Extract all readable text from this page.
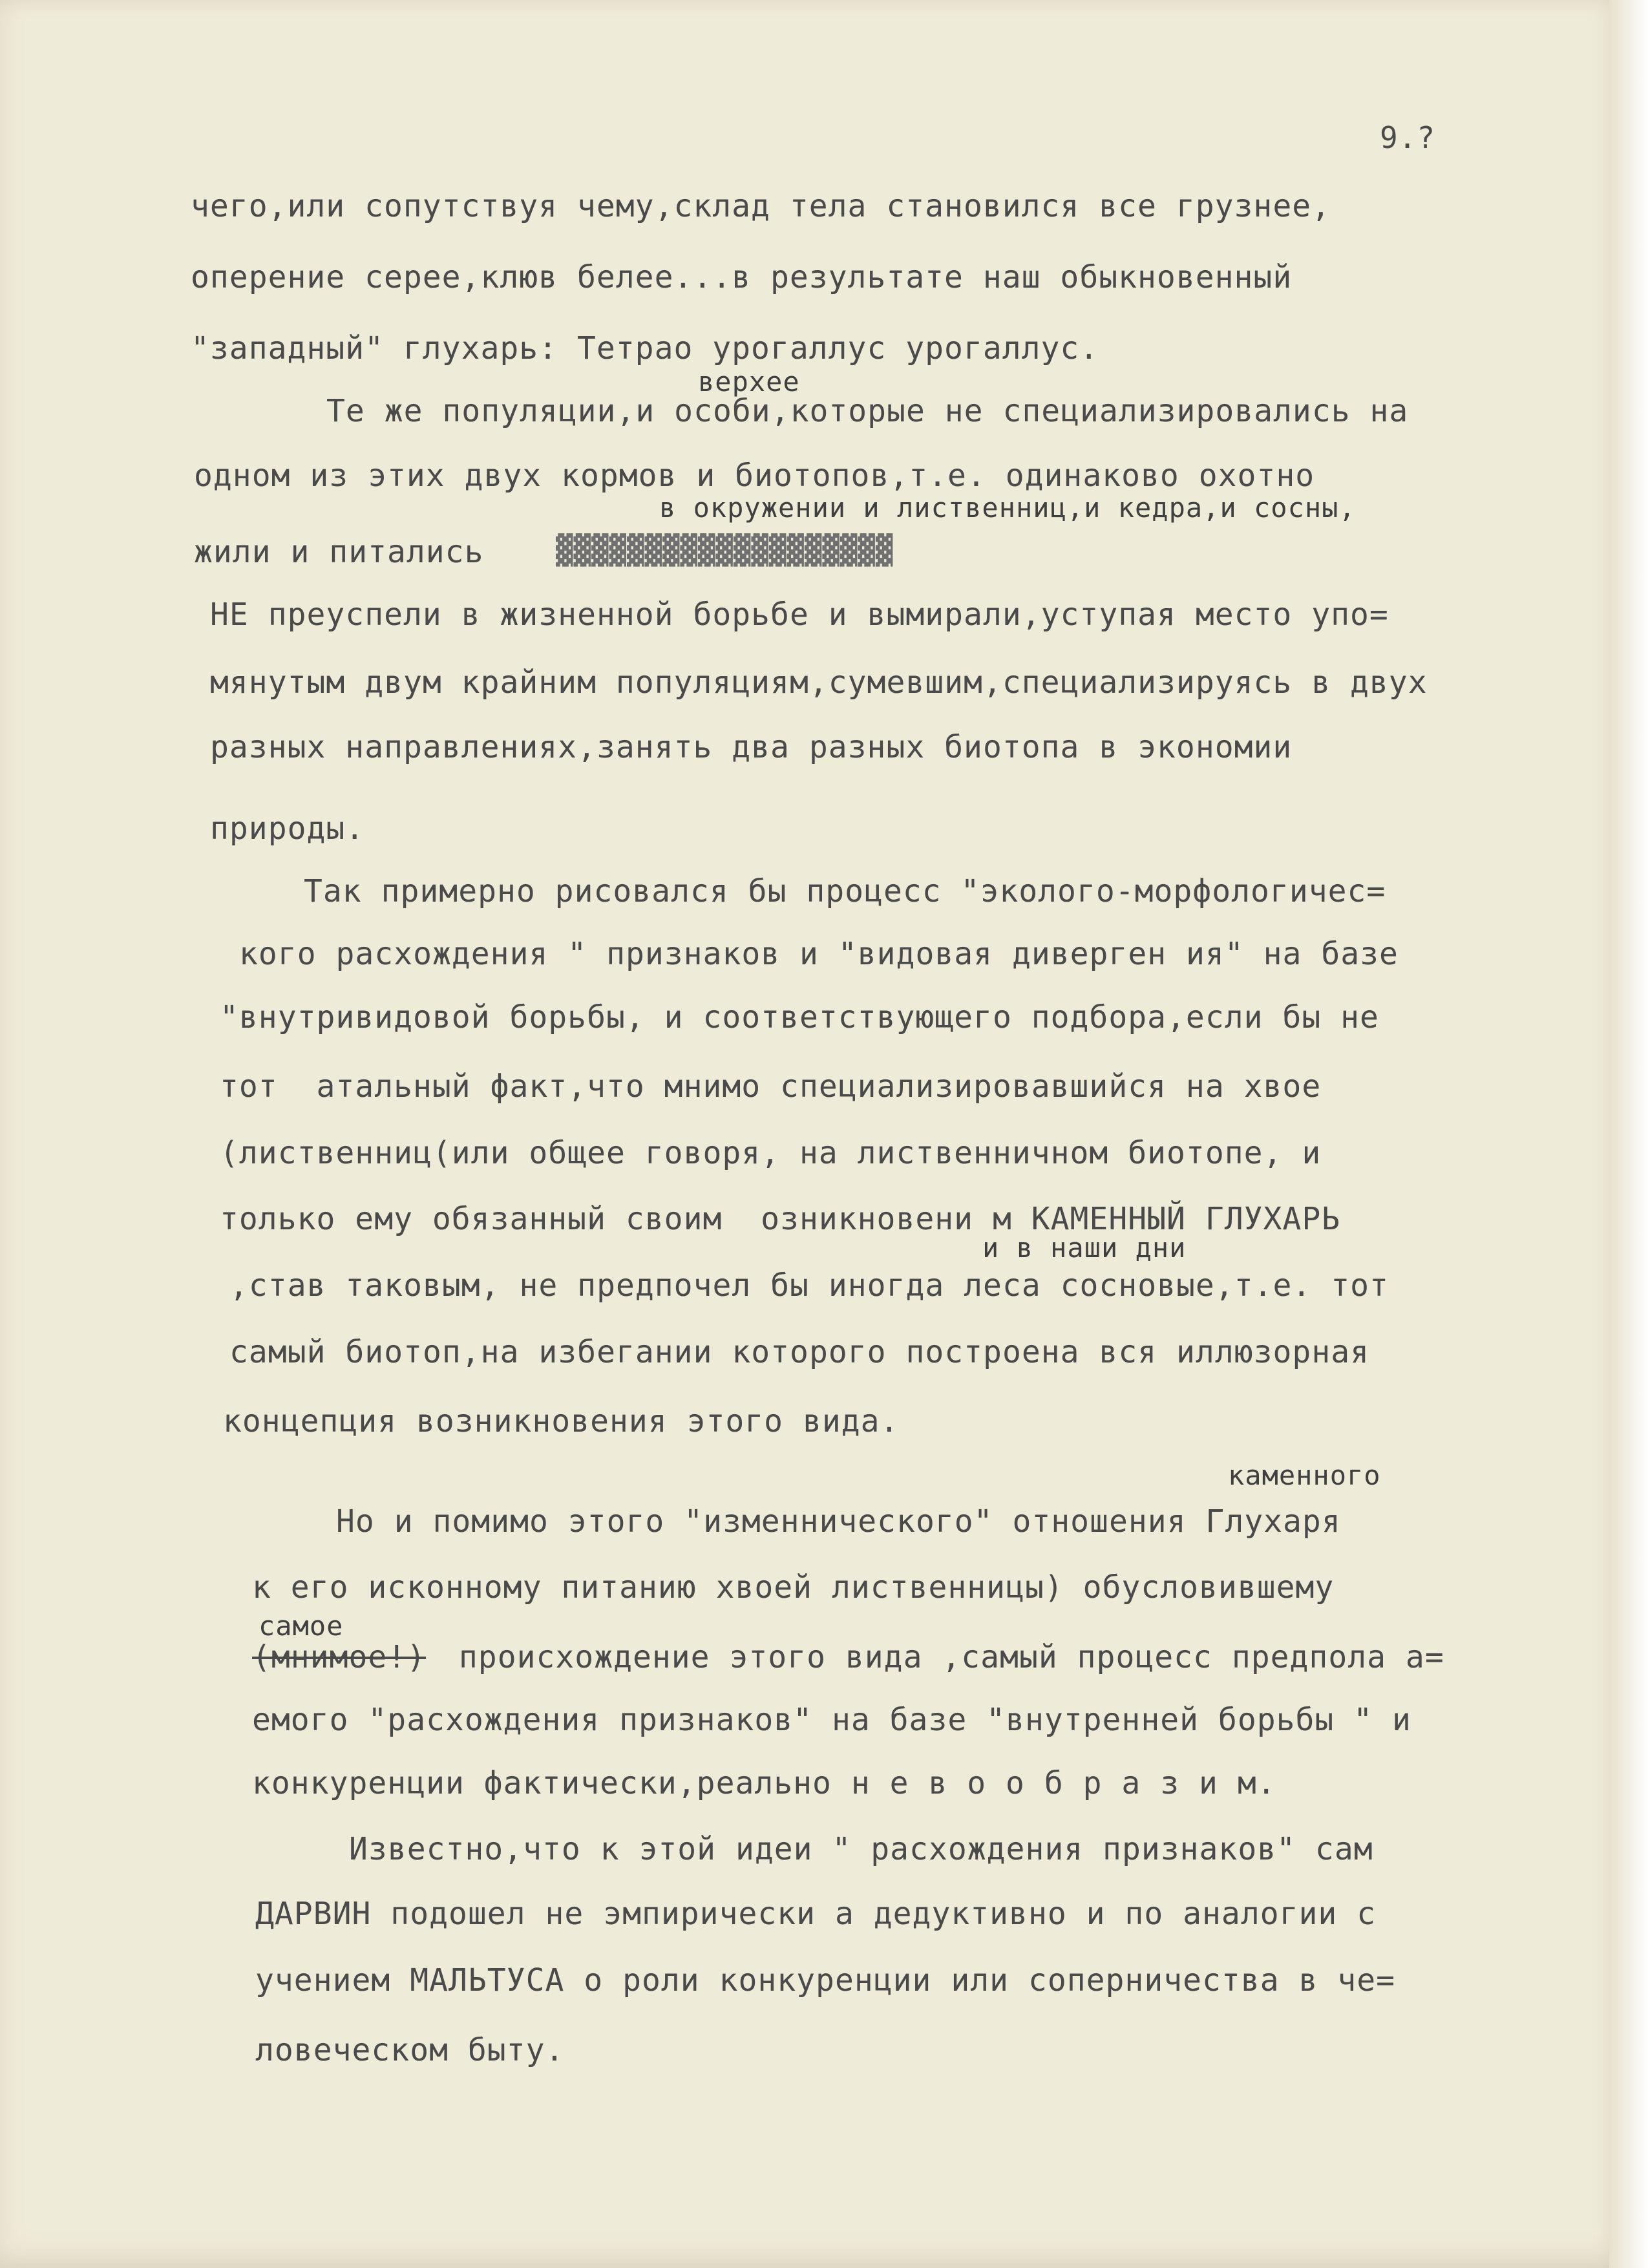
9.?
чего,или сопутствуя чему,склад тела становился все грузнее,
оперение серее,клюв белее...в результате наш обыкновенный
"западный" глухарь: Тетрао урогаллус урогаллус.
верхее
Те же популяции,и особи,которые не специализировались на
одном из этих двух кормов и биотопов,т.е. одинаково охотно
в окружении и лиственниц,и кедра,и сосны,
жили и питались	▓▓▓▓▓▓▓▓▓▓▓▓▓▓▓▓▓▓▓
НЕ преуспели в жизненной борьбе и вымирали,уступая место упо=
мянутым двум крайним популяциям,сумевшим,специализируясь в двух
разных направлениях,занять два разных биотопа в экономии
природы.
Так примерно рисовался бы процесс "эколого-морфологичес=
кого расхождения " признаков и "видовая диверген ия" на базе
"внутривидовой борьбы, и соответствующего подбора,если бы не
тот  атальный факт,что мнимо специализировавшийся на хвое
(лиственниц(или общее говоря, на лиственничном биотопе, и
только ему обязанный своим  озникновени м КАМЕННЫЙ ГЛУХАРЬ
и в наши дни
,став таковым, не предпочел бы иногда леса сосновые,т.е. тот
самый биотоп,на избегании которого построена вся иллюзорная
концепция возникновения этого вида.
каменного
Но и помимо этого "изменнического" отношения Глухаря
к его исконному питанию хвоей лиственницы) обусловившему
самое
(мнимое!) происхождение этого вида ,самый процесс предпола а=
емого "расхождения признаков" на базе "внутренней борьбы " и
конкуренции фактически,реально н е в о о б р а з и м.
Известно,что к этой идеи " расхождения признаков" сам
ДАРВИН подошел не эмпирически а дедуктивно и по аналогии с
учением МАЛЬТУСА о роли конкуренции или соперничества в че=
ловеческом быту.
